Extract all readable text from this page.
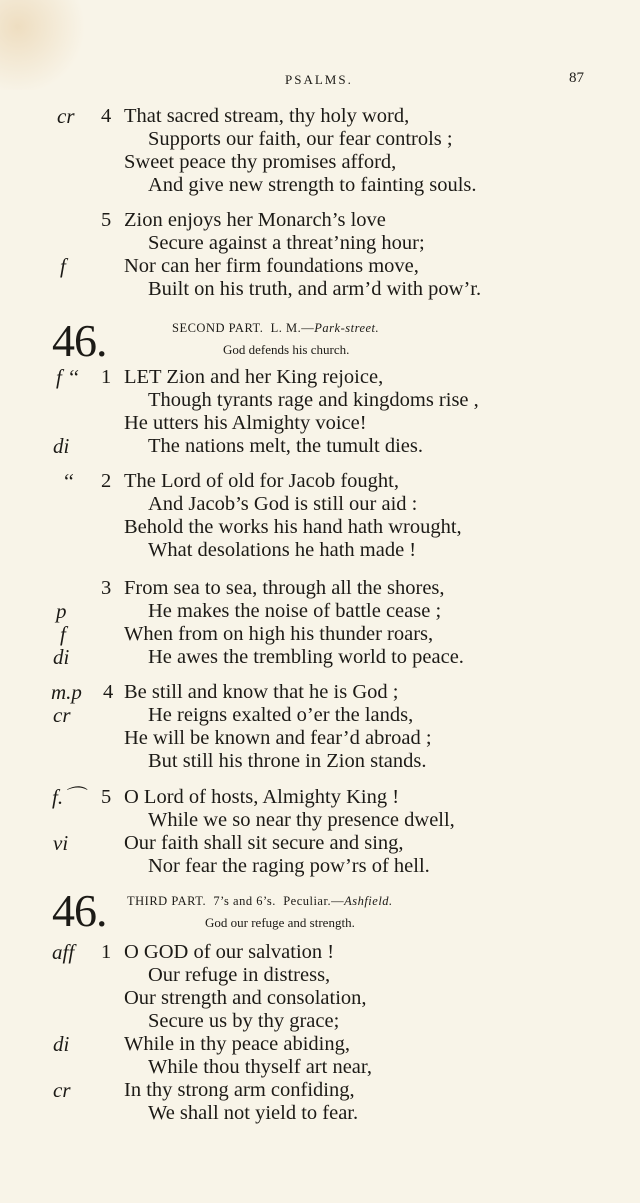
PSALMS.	87
cr 4 That sacred stream, thy holy word,
Supports our faith, our fear controls ;
Sweet peace thy promises afford,
And give new strength to fainting souls.
5 Zion enjoys her Monarch’s love
Secure against a threat’ning hour;
f	Nor can her firm foundations move,
Built on his truth, and arm’d with pow’r.
46.	SECOND PART. L. M.—Park-street.
God defends his church.
f ‘‘ 1 LET Zion and her King rejoice,
Though tyrants rage and kingdoms rise ,
He utters his Almighty voice!
di	The nations melt, the tumult dies.
‘‘ 2 The Lord of old for Jacob fought,
And Jacob’s God is still our aid :
Behold the works his hand hath wrought,
What desolations he hath made !
3 From sea to sea, through all the shores,
p	He makes the noise of battle cease ;
f	When from on high his thunder roars,
di	He awes the trembling world to peace.
m.p 4 Be still and know that he is God ;
cr	He reigns exalted o’er the lands,
He will be known and fear’d abroad ;
But still his throne in Zion stands.
f.⌒ 5 O Lord of hosts, Almighty King !
While we so near thy presence dwell,
vi	Our faith shall sit secure and sing,
Nor fear the raging pow’rs of hell.
46. THIRD PART. 7’s and 6’s. Peculiar.—Ashfield.
God our refuge and strength.
aff 1 O GOD of our salvation !
Our refuge in distress,
Our strength and consolation,
Secure us by thy grace;
di	While in thy peace abiding,
While thou thyself art near,
cr	In thy strong arm confiding,
We shall not yield to fear.
